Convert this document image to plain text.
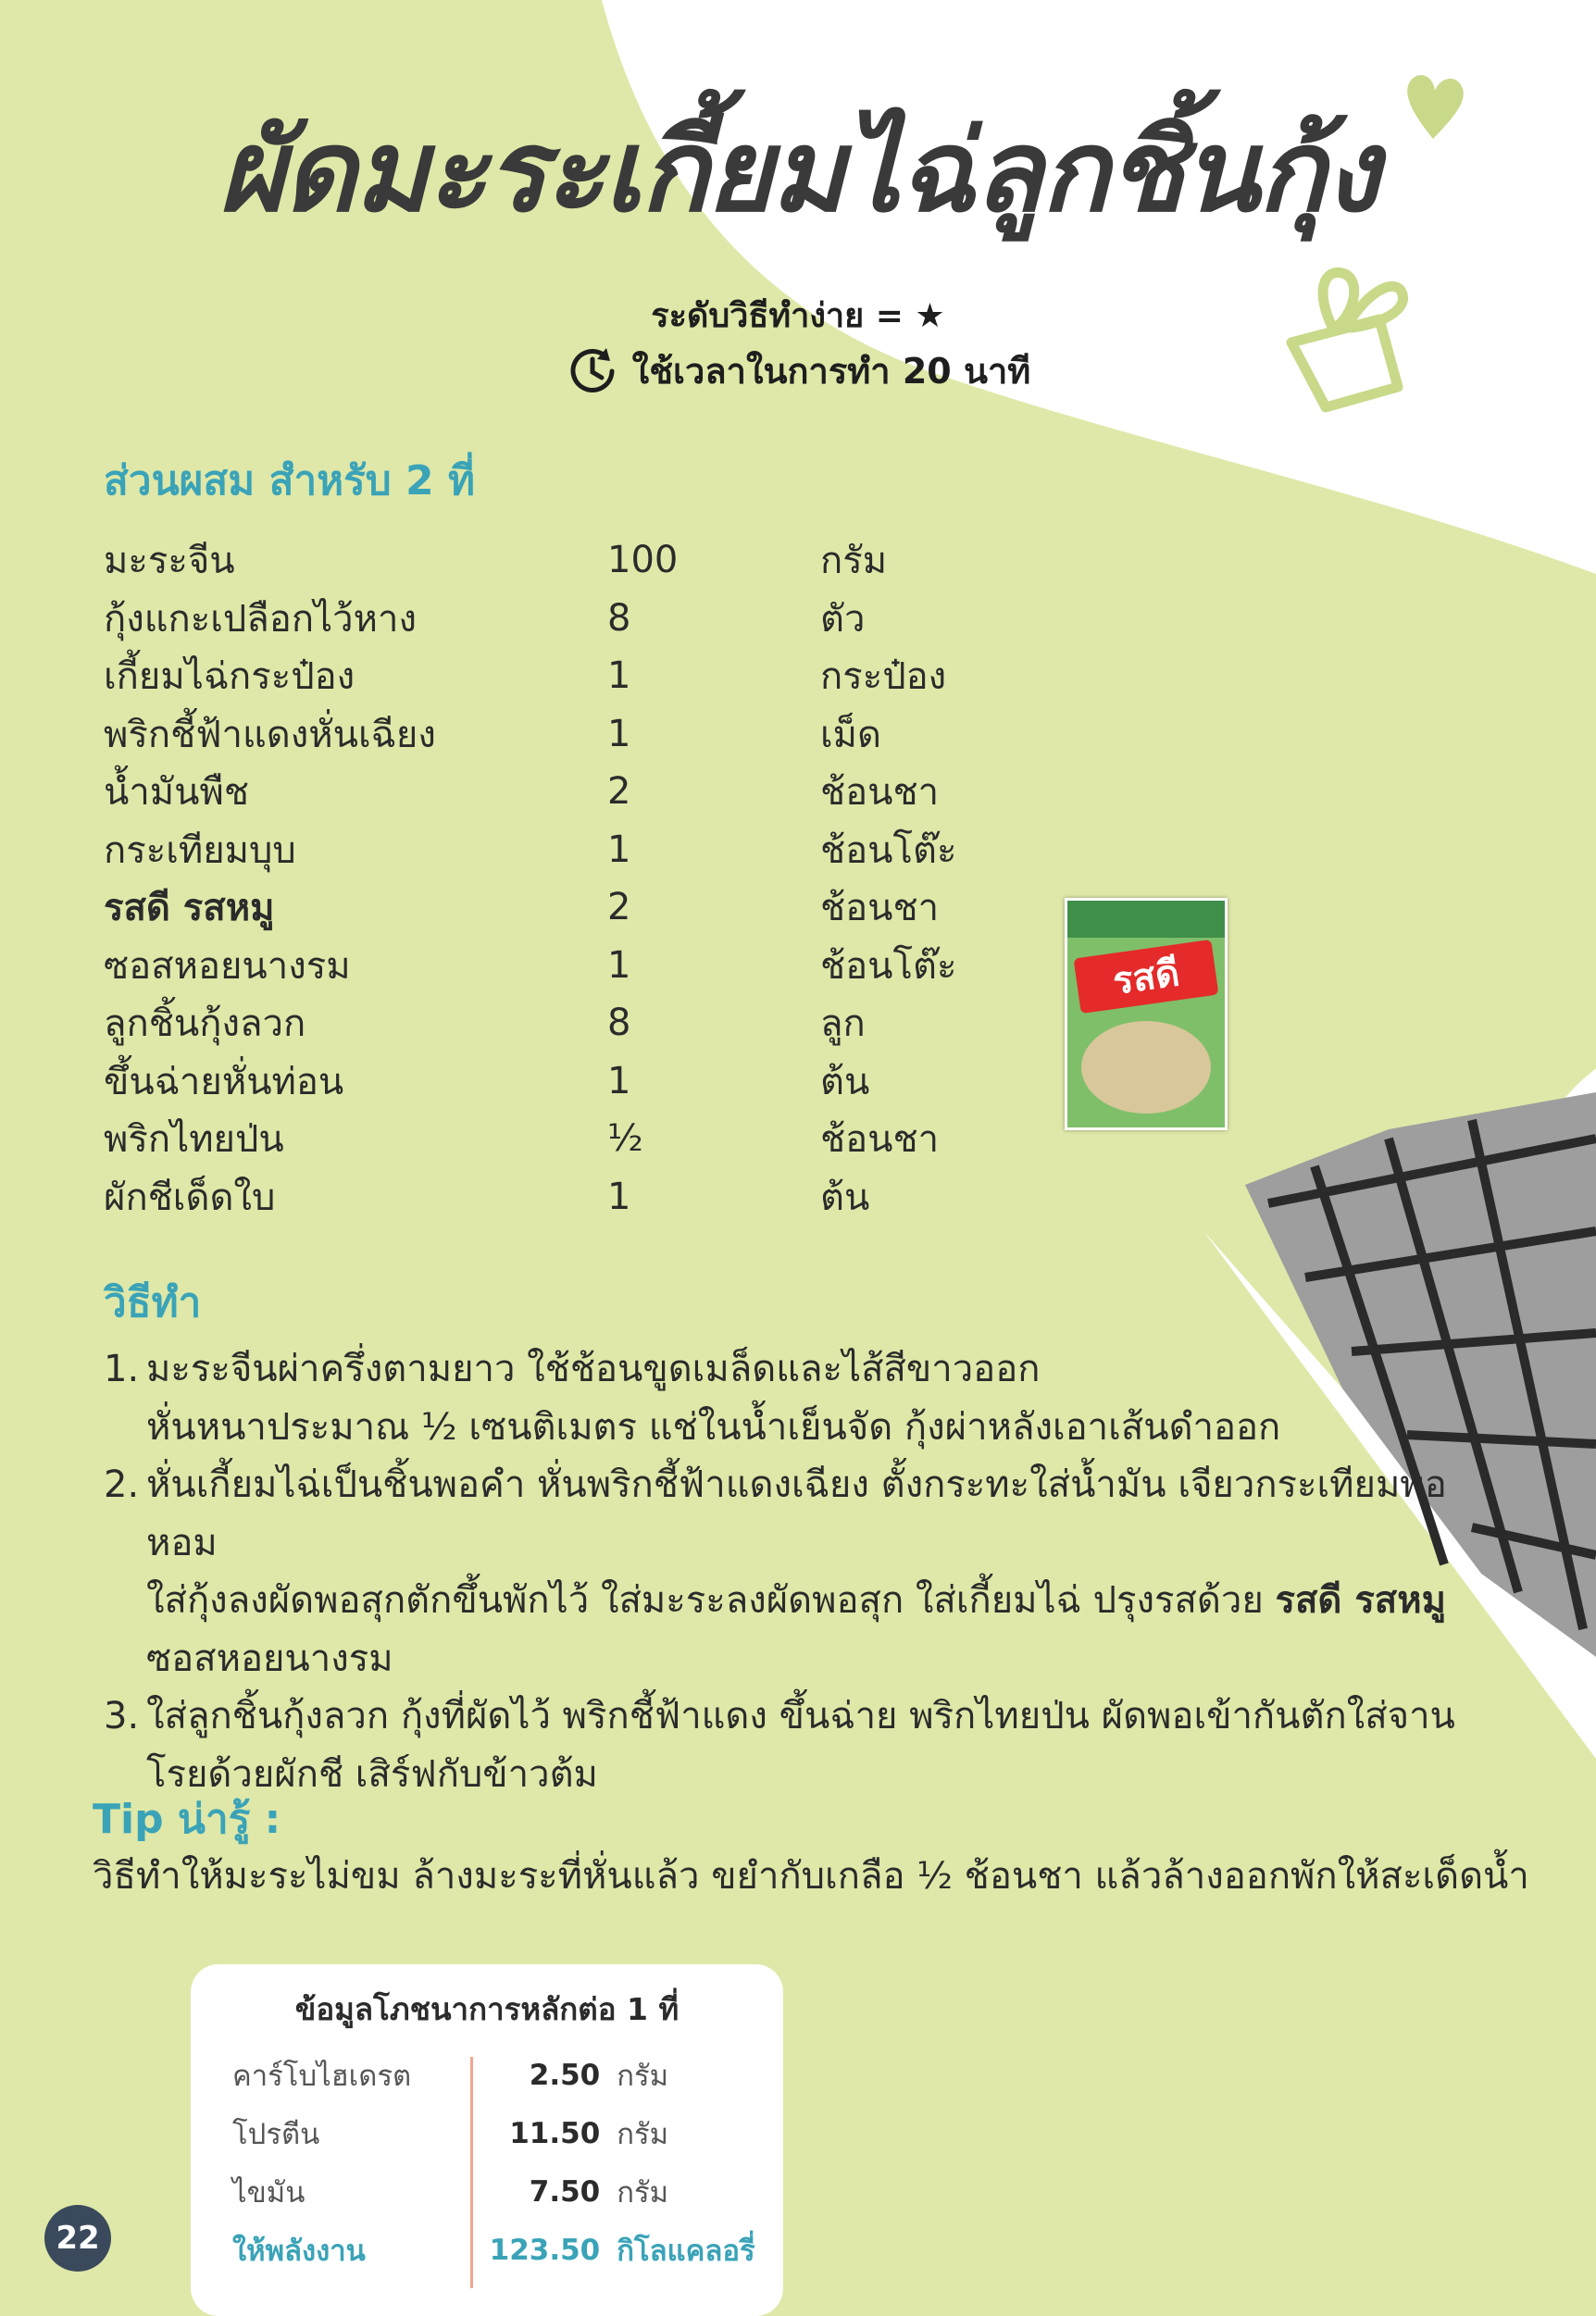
ผัดมะระเกี้ยมไฉ่ลูกชิ้นกุ้ง
ระดับวิธีทำง่าย = ★
ใช้เวลาในการทำ 20 นาที
ส่วนผสม สำหรับ 2 ที่
มะระจีน	100	กรัม
กุ้งแกะเปลือกไว้หาง	8	ตัว
เกี้ยมไฉ่กระป๋อง	1	กระป๋อง
พริกชี้ฟ้าแดงหั่นเฉียง	1	เม็ด
น้ำมันพืช	2	ช้อนชา
กระเทียมบุบ	1	ช้อนโต๊ะ
รสดี รสหมู	2	ช้อนชา
ซอสหอยนางรม	1	ช้อนโต๊ะ
ลูกชิ้นกุ้งลวก	8	ลูก
ขึ้นฉ่ายหั่นท่อน	1	ต้น
พริกไทยป่น	½	ช้อนชา
ผักชีเด็ดใบ	1	ต้น
รสดี
วิธีทำ
1. มะระจีนผ่าครึ่งตามยาว ใช้ช้อนขูดเมล็ดและไส้สีขาวออก

หั่นหนาประมาณ ½ เซนติเมตร แช่ในน้ำเย็นจัด กุ้งผ่าหลังเอาเส้นดำออก

2. หั่นเกี้ยมไฉ่เป็นชิ้นพอคำ หั่นพริกชี้ฟ้าแดงเฉียง ตั้งกระทะใส่น้ำมัน เจียวกระเทียมพอหอม

ใส่กุ้งลงผัดพอสุกตักขึ้นพักไว้ ใส่มะระลงผัดพอสุก ใส่เกี้ยมไฉ่ ปรุงรสด้วย รสดี รสหมู

ซอสหอยนางรม

3. ใส่ลูกชิ้นกุ้งลวก กุ้งที่ผัดไว้ พริกชี้ฟ้าแดง ขึ้นฉ่าย พริกไทยป่น ผัดพอเข้ากันตักใส่จาน

โรยด้วยผักชี เสิร์ฟกับข้าวต้ม

Tip น่ารู้ :
วิธีทำให้มะระไม่ขม ล้างมะระที่หั่นแล้ว ขยำกับเกลือ ½ ช้อนชา แล้วล้างออกพักให้สะเด็ดน้ำ
ข้อมูลโภชนาการหลักต่อ 1 ที่
คาร์โบไฮเดรต	2.50 กรัม
โปรตีน	11.50 กรัม
ไขมัน	7.50 กรัม
ให้พลังงาน	123.50 กิโลแคลอรี่
22
